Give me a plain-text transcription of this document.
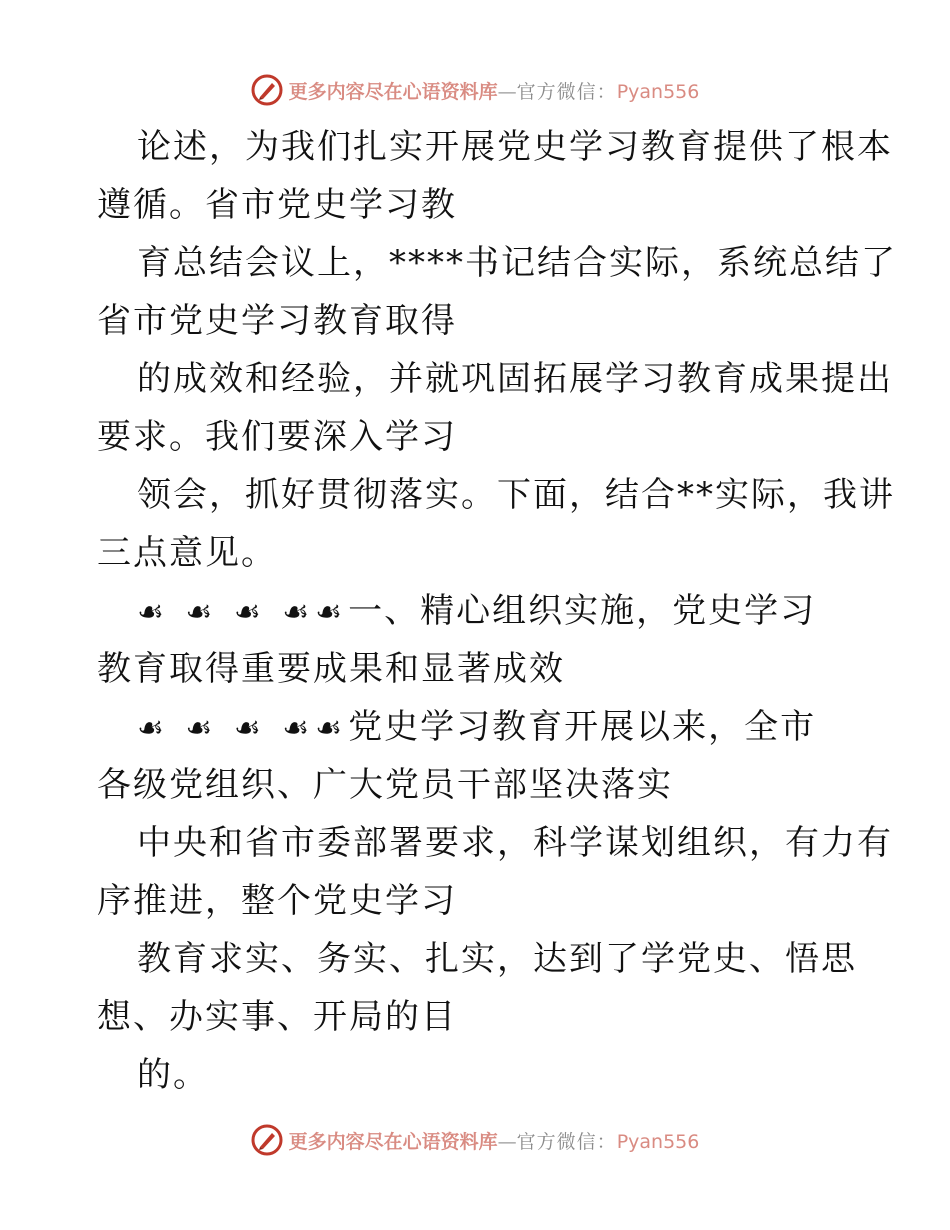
更多内容尽在心语资料库—官方微信：Pyan556
论述，为我们扎实开展党史学习教育提供了根本
遵循。省市党史学习教
育总结会议上，****书记结合实际，系统总结了
省市党史学习教育取得
的成效和经验，并就巩固拓展学习教育成果提出
要求。我们要深入学习
领会，抓好贯彻落实。下面，结合**实际，我讲
三点意见。
☙ ☙ ☙ ☙☙一、精心组织实施，党史学习
教育取得重要成果和显著成效
☙ ☙ ☙ ☙☙党史学习教育开展以来，全市
各级党组织、广大党员干部坚决落实
中央和省市委部署要求，科学谋划组织，有力有
序推进，整个党史学习
教育求实、务实、扎实，达到了学党史、悟思
想、办实事、开局的目
的。
更多内容尽在心语资料库—官方微信：Pyan556
